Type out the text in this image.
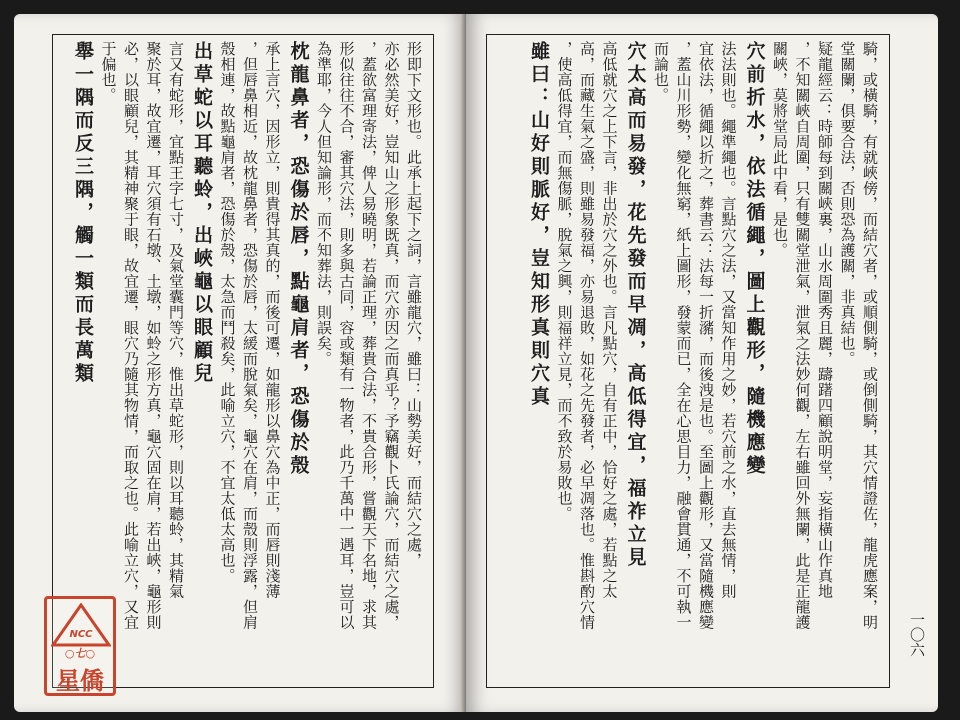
形即下文形也。此承上起下之詞，言雖龍穴，雖曰：山勢美好，而結穴之處，
亦必然美好，豈知山之形象既真，而穴亦因之而真乎？予竊觀卜氏論穴，而結穴之處，
，蓋欲富理寄法，俾人易曉明，若論正理，葬貴合法，不貴合形，嘗觀天下名地，求其
形似往往不合，審其穴法，則多與古同，容或類有一物者，此乃千萬中一遇耳，豈可以
為準耶，今人但知論形，而不知葬法，則誤矣。
枕龍鼻者，恐傷於唇，點龜肩者，恐傷於殼
承上言穴，因形立，則貴得其真的，而後可遷，如龍形以鼻穴為中正，而唇則淺薄
，但唇鼻相近，故枕龍鼻者，恐傷於唇，太緩而脫氣矣，龜穴在肩，而殼則浮露，但肩
殼相連，故點龜肩者，恐傷於殼，太急而鬥殺矣，此喻立穴，不宜太低太高也。
出草蛇以耳聽蛉，出峽龜以眼顧兒
言又有蛇形，宜點王字七寸，及氣堂囊門等穴，惟出草蛇形，則以耳聽蛉，其精氣
聚於耳，故宜遷，耳穴須有石墩、土墩，如蛉之形方真，龜穴固在肩，若出峽，龜形則
必，以眼顧兒，其精神聚于眼，故宜遷，眼穴乃隨其物情，而取之也。此喻立穴，又宜
于偏也。
舉一隅而反三隅，觸一類而長萬類
NCC
○七○
星僑
騎，或橫騎，有就峽傍，而結穴者，或順側騎，或倒側騎，其穴情證佐，龍虎應案，明
堂關闌，俱要合法，否則恐為護關，非真結也。
疑龍經云：時師每到關峽裏，山水周圍秀且麗，躊躇四顧說明堂，妄指橫山作真地
，不知關峽自周圍，只有雙關堂泄氣，泄氣之法妙何觀，左右雖回外無闌，此是正龍護
關峽，莫將堂局此中看，是也。
穴前折水，依法循繩，圖上觀形，隨機應變
法法則也。繩準繩也。言點穴之法，又當知作用之妙，若穴前之水，直去無情，則
宜依法，循繩以折之，葬書云：法每一折瀦，而後洩是也。至圖上觀形，又當隨機應變
，蓋山川形勢，變化無窮，紙上圖形，發蒙而已，全在心思目力，融會貫通，不可執一
而論也。
穴太高而易發，花先發而早凋，高低得宜，福祚立見
高低就穴之上下言，非出於穴之外也。言凡點穴，自有正中，恰好之處，若點之太
高，而藏生氣之盛，則雖易發福，亦易退敗，如花之先發者，必早凋落也。惟斟酌穴情
，使高低得宜，而無傷脈，脫氣之興，則福祥立見，而不致於易敗也。
雖曰：山好則脈好，豈知形真則穴真
一〇六
